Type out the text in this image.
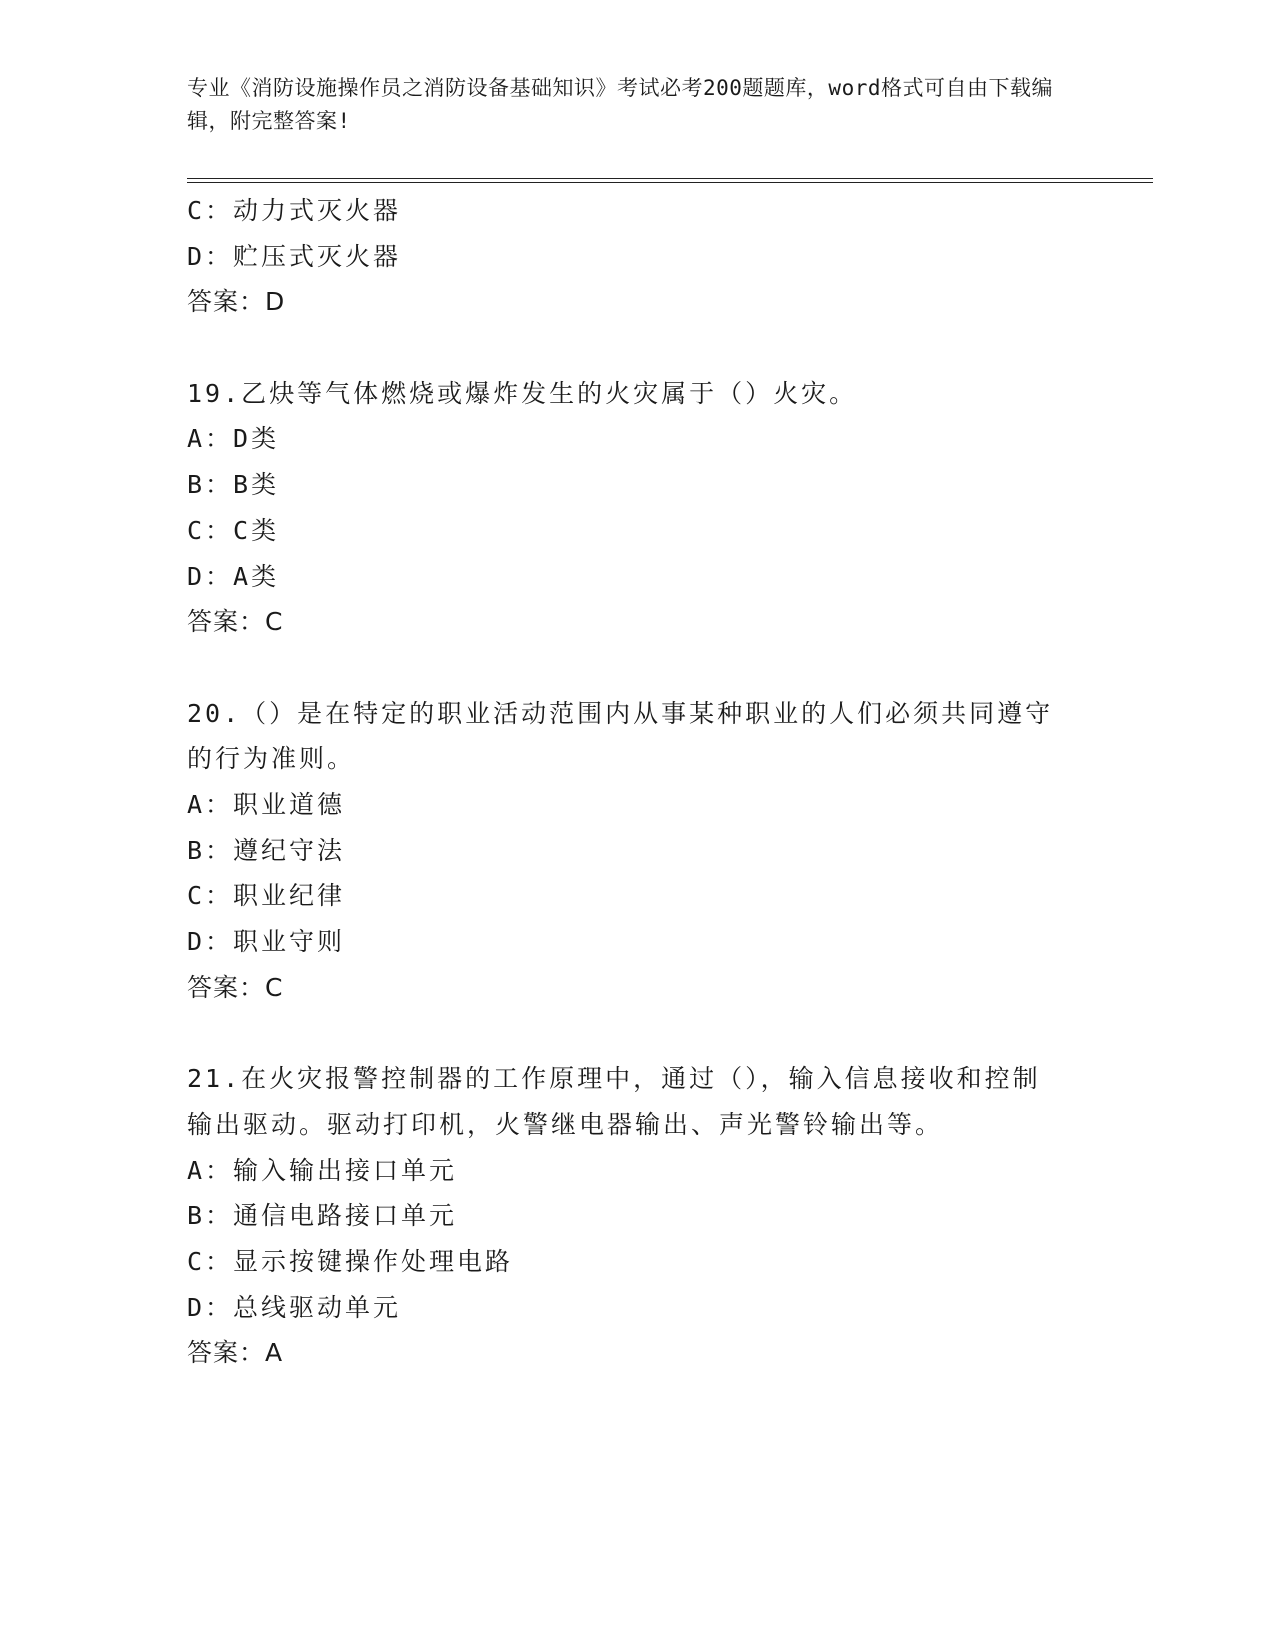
专业《消防设施操作员之消防设备基础知识》考试必考200题题库，word格式可自由下载编辑，附完整答案!
C：动力式灭火器
D：贮压式灭火器
答案：D
19.乙炔等气体燃烧或爆炸发生的火灾属于（）火灾。
A：D类
B：B类
C：C类
D：A类
答案：C

20.（）是在特定的职业活动范围内从事某种职业的人们必须共同遵守的行为准则。

A：职业道德
B：遵纪守法
C：职业纪律
D：职业守则
答案：C

21.在火灾报警控制器的工作原理中，通过（），输入信息接收和控制输出驱动。驱动打印机，火警继电器输出、声光警铃输出等。

A：输入输出接口单元
B：通信电路接口单元
C：显示按键操作处理电路
D：总线驱动单元
答案：A
